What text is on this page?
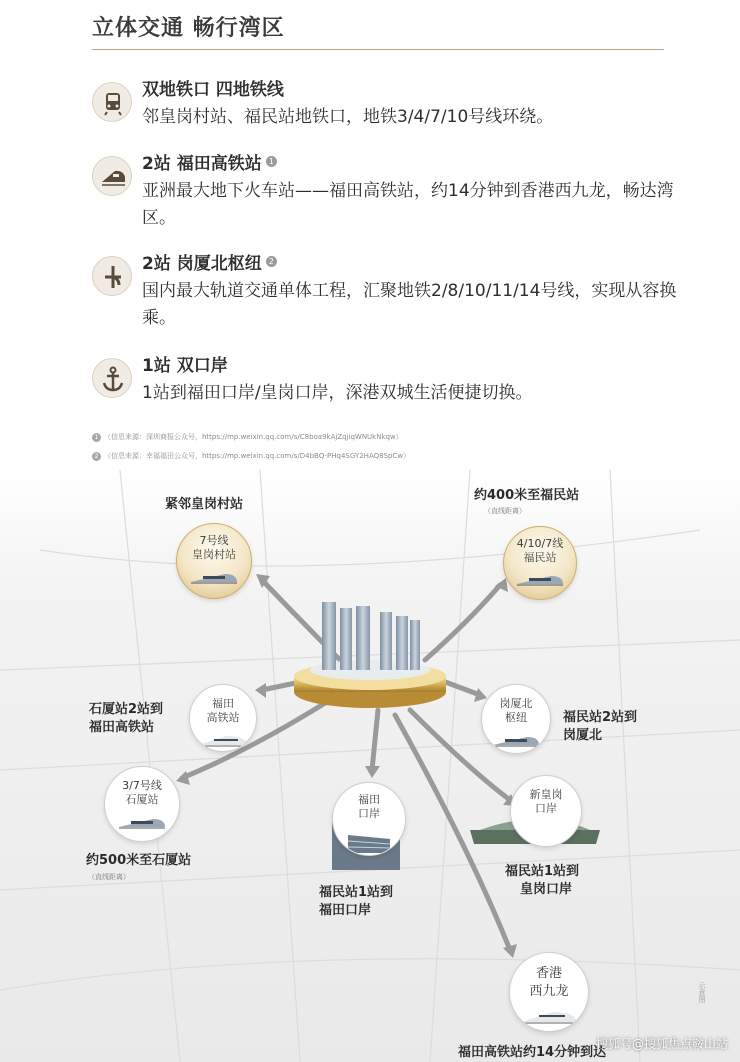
立体交通 畅行湾区
双地铁口 四地铁线
邻皇岗村站、福民站地铁口，地铁3/4/7/10号线环绕。
2站 福田高铁站 1
亚洲最大地下火车站——福田高铁站，约14分钟到香港西九龙，畅达湾区。
2站 岗厦北枢纽 2
国内最大轨道交通单体工程，汇聚地铁2/8/10/11/14号线，实现从容换乘。
1站 双口岸
1站到福田口岸/皇岗口岸，深港双城生活便捷切换。
1 （信息来源：深圳商报公众号，https://mp.weixin.qq.com/s/C8boa9kAjZqjiqWNUkNkqw）
2 （信息来源：幸福福田公众号，https://mp.weixin.qq.com/s/D4bBQ-PHq4SGY2HAQ8SpCw）
紧邻皇岗村站
约400米至福民站
（直线距离）
石厦站2站到
福田高铁站
福民站2站到
岗厦北
约500米至石厦站
（直线距离）
福民站1站到
福田口岸
福民站1站到
皇岗口岸
福田高铁站约14分钟到达
7号线
皇岗村站
4/10/7线
福民站
福田
高铁站
岗厦北
枢纽
3/7号线
石厦站	福田
口岸
新皇岗
口岸
香港
西九龙	示意图
搜狐号@搜狐焦点鞍山站
